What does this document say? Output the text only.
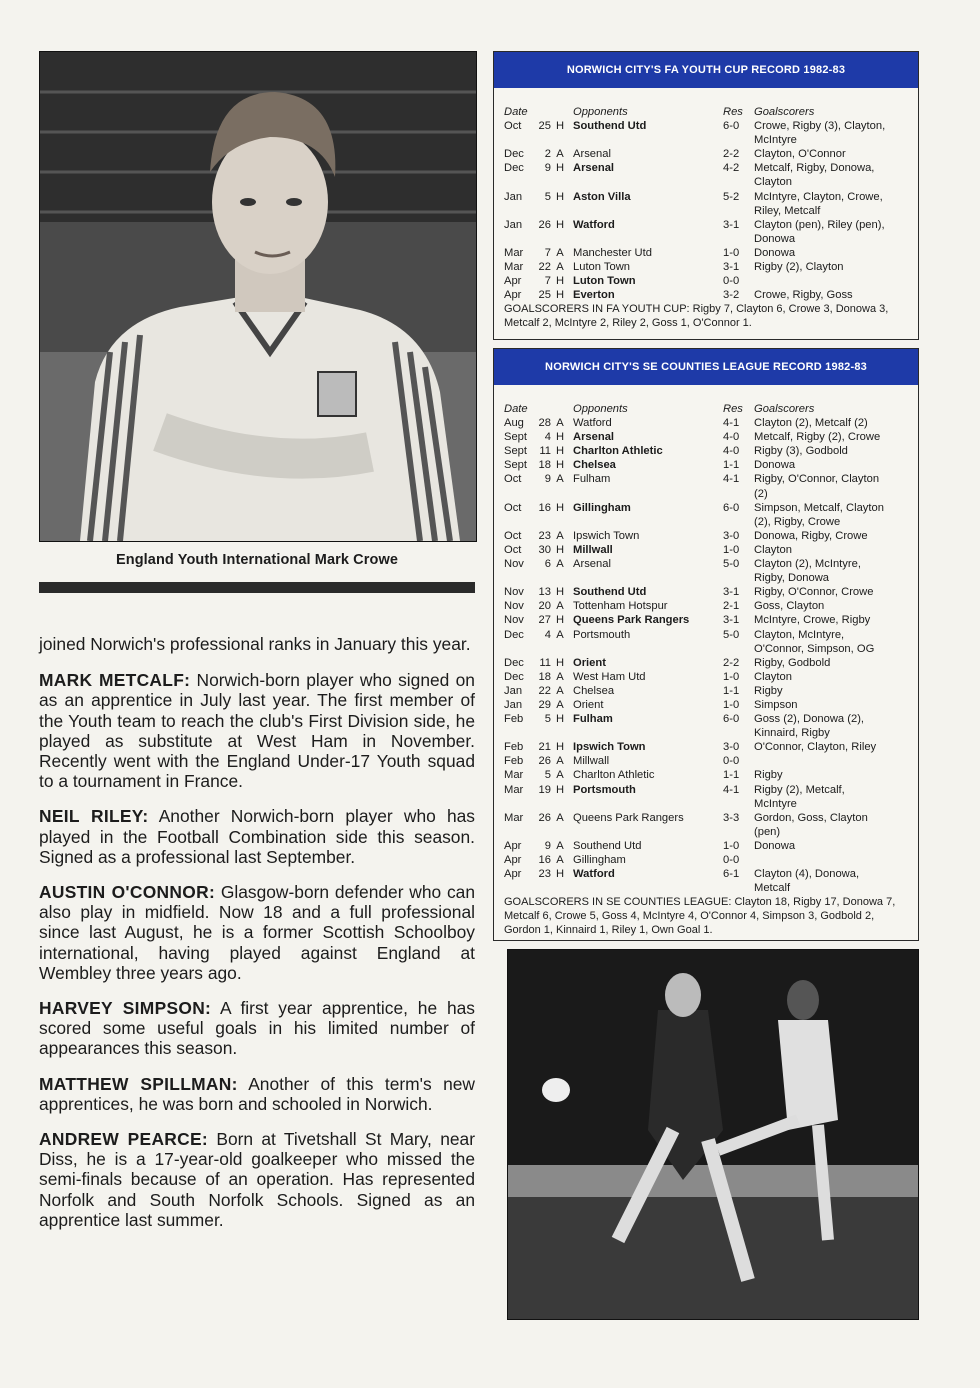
England Youth International Mark Crowe

joined Norwich's professional ranks in January this year.

MARK METCALF: Norwich-born player who signed on as an apprentice in July last year. The first member of the Youth team to reach the club's First Division side, he played as substitute at West Ham in November. Recently went with the England Under-17 Youth squad to a tournament in France.

NEIL RILEY: Another Norwich-born player who has played in the Football Combination side this season. Signed as a professional last September.

AUSTIN O'CONNOR: Glasgow-born defender who can also play in midfield. Now 18 and a full professional since last August, he is a former Scottish Schoolboy international, having played against England at Wembley three years ago.

HARVEY SIMPSON: A first year apprentice, he has scored some useful goals in his limited number of appearances this season.

MATTHEW SPILLMAN: Another of this term's new apprentices, he was born and schooled in Norwich.

ANDREW PEARCE: Born at Tivetshall St Mary, near Diss, he is a 17-year-old goalkeeper who missed the semi-finals because of an operation. Has represented Norfolk and South Norfolk Schools. Signed as an apprentice last summer.

NORWICH CITY'S FA YOUTH CUP RECORD 1982-83
Date	Opponents	Res Goalscorers
Oct	25 H Southend Utd	6-0	Crowe, Rigby (3), Clayton,
McIntyre
Dec	2 A Arsenal	2-2	Clayton, O'Connor
Dec	9 H Arsenal	4-2	Metcalf, Rigby, Donowa,
Clayton
Jan	5 H Aston Villa	5-2	McIntyre, Clayton, Crowe,
Riley, Metcalf
Jan	26 H Watford	3-1	Clayton (pen), Riley (pen),
Donowa
Mar	7 A Manchester Utd	1-0	Donowa
Mar	22 A Luton Town	3-1	Rigby (2), Clayton
Apr	7 H Luton Town	0-0
Apr	25 H Everton	3-2	Crowe, Rigby, Goss
GOALSCORERS IN FA YOUTH CUP: Rigby 7, Clayton 6, Crowe 3, Donowa 3, Metcalf 2, McIntyre 2, Riley 2, Goss 1, O'Connor 1.
NORWICH CITY'S SE COUNTIES LEAGUE RECORD 1982-83
Date	Opponents	Res Goalscorers
Aug	28 A Watford	4-1	Clayton (2), Metcalf (2)
Sept	4 H Arsenal	4-0	Metcalf, Rigby (2), Crowe
Sept	11 H Charlton Athletic	4-0	Rigby (3), Godbold
Sept	18 H Chelsea	1-1	Donowa
Oct	9 A Fulham	4-1	Rigby, O'Connor, Clayton
(2)
Oct	16 H Gillingham	6-0	Simpson, Metcalf, Clayton
(2), Rigby, Crowe
Oct	23 A Ipswich Town	3-0	Donowa, Rigby, Crowe
Oct	30 H Millwall	1-0	Clayton
Nov	6 A Arsenal	5-0	Clayton (2), McIntyre,
Rigby, Donowa
Nov	13 H Southend Utd	3-1	Rigby, O'Connor, Crowe
Nov	20 A Tottenham Hotspur	2-1	Goss, Clayton
Nov	27 H Queens Park Rangers	3-1	McIntyre, Crowe, Rigby
Dec	4 A Portsmouth	5-0	Clayton, McIntyre,
O'Connor, Simpson, OG
Dec	11 H Orient	2-2	Rigby, Godbold
Dec	18 A West Ham Utd	1-0	Clayton
Jan	22 A Chelsea	1-1	Rigby
Jan	29 A Orient	1-0	Simpson
Feb	5 H Fulham	6-0	Goss (2), Donowa (2),
Kinnaird, Rigby
Feb	21 H Ipswich Town	3-0	O'Connor, Clayton, Riley
Feb	26 A Millwall	0-0
Mar	5 A Charlton Athletic	1-1	Rigby
Mar	19 H Portsmouth	4-1	Rigby (2), Metcalf,
McIntyre
Mar	26 A Queens Park Rangers	3-3	Gordon, Goss, Clayton
(pen)
Apr	9 A Southend Utd	1-0	Donowa
Apr	16 A Gillingham	0-0
Apr	23 H Watford	6-1	Clayton (4), Donowa,
Metcalf
GOALSCORERS IN SE COUNTIES LEAGUE: Clayton 18, Rigby 17, Donowa 7, Metcalf 6, Crowe 5, Goss 4, McIntyre 4, O'Connor 4, Simpson 3, Godbold 2, Gordon 1, Kinnaird 1, Riley 1, Own Goal 1.
